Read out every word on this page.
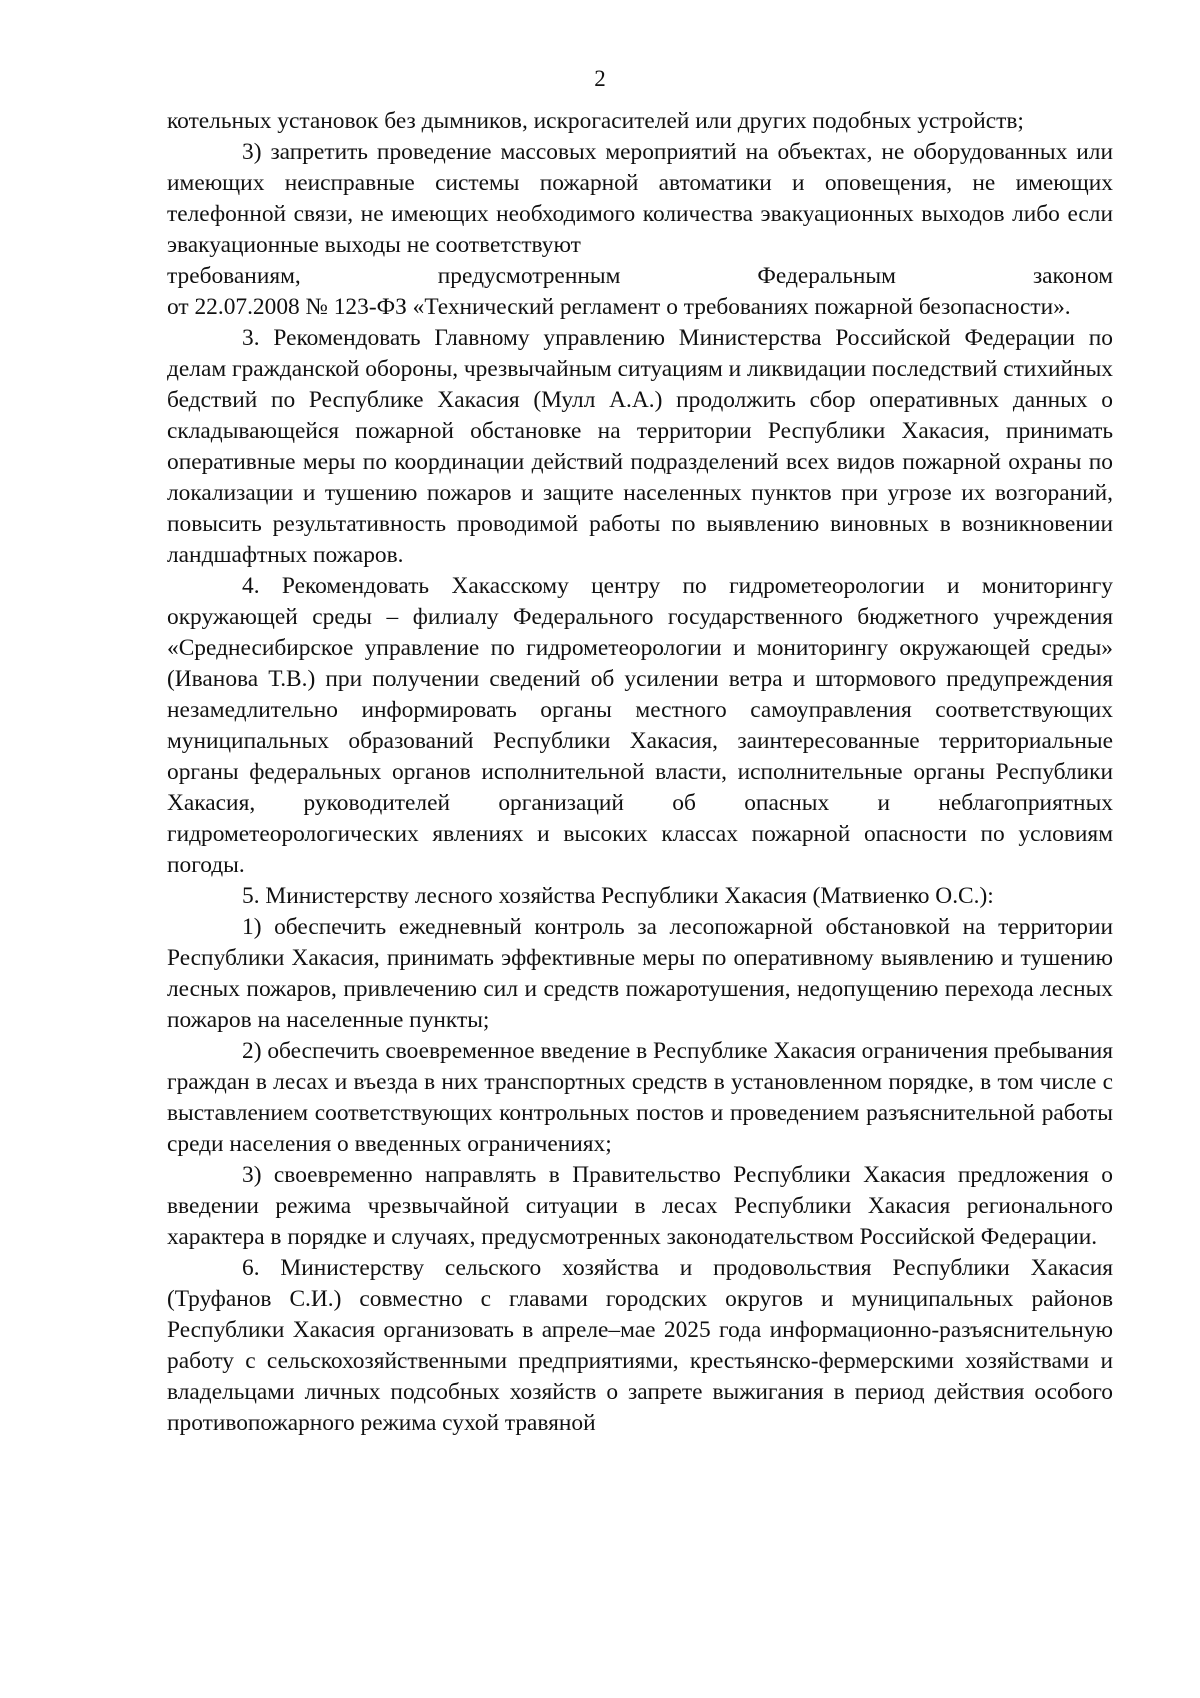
2

котельных установок без дымников, искрогасителей или других подобных устройств;

3) запретить проведение массовых мероприятий на объектах, не оборудованных или имеющих неисправные системы пожарной автоматики и оповещения, не имеющих телефонной связи, не имеющих необходимого количества эвакуационных выходов либо если эвакуационные выходы не соответствуют

требованиям,	предусмотренным	Федеральным	законом

от 22.07.2008 № 123-ФЗ «Технический регламент о требованиях пожарной безопасности».

3. Рекомендовать Главному управлению Министерства Российской Федерации по делам гражданской обороны, чрезвычайным ситуациям и ликвидации последствий стихийных бедствий по Республике Хакасия (Мулл А.А.) продолжить сбор оперативных данных о складывающейся пожарной обстановке на территории Республики Хакасия, принимать оперативные меры по координации действий подразделений всех видов пожарной охраны по локализации и тушению пожаров и защите населенных пунктов при угрозе их возгораний, повысить результативность проводимой работы по выявлению виновных в возникновении ландшафтных пожаров.

4. Рекомендовать Хакасскому центру по гидрометеорологии и мониторингу окружающей среды – филиалу Федерального государственного бюджетного учреждения «Среднесибирское управление по гидрометеорологии и мониторингу окружающей среды» (Иванова Т.В.) при получении сведений об усилении ветра и штормового предупреждения незамедлительно информировать органы местного самоуправления соответствующих муниципальных образований Республики Хакасия, заинтересованные территориальные органы федеральных органов исполнительной власти, исполнительные органы Республики Хакасия, руководителей организаций об опасных и неблагоприятных гидрометеорологических явлениях и высоких классах пожарной опасности по условиям погоды.

5. Министерству лесного хозяйства Республики Хакасия (Матвиенко О.С.):

1) обеспечить ежедневный контроль за лесопожарной обстановкой на территории Республики Хакасия, принимать эффективные меры по оперативному выявлению и тушению лесных пожаров, привлечению сил и средств пожаротушения, недопущению перехода лесных пожаров на населенные пункты;

2) обеспечить своевременное введение в Республике Хакасия ограничения пребывания граждан в лесах и въезда в них транспортных средств в установленном порядке, в том числе с выставлением соответствующих контрольных постов и проведением разъяснительной работы среди населения о введенных ограничениях;

3) своевременно направлять в Правительство Республики Хакасия предложения о введении режима чрезвычайной ситуации в лесах Республики Хакасия регионального характера в порядке и случаях, предусмотренных законодательством Российской Федерации.

6. Министерству сельского хозяйства и продовольствия Республики Хакасия (Труфанов С.И.) совместно с главами городских округов и муниципальных районов Республики Хакасия организовать в апреле–мае 2025 года информационно-разъяснительную работу с сельскохозяйственными предприятиями, крестьянско-фермерскими хозяйствами и владельцами личных подсобных хозяйств о запрете выжигания в период действия особого противопожарного режима сухой травяной
